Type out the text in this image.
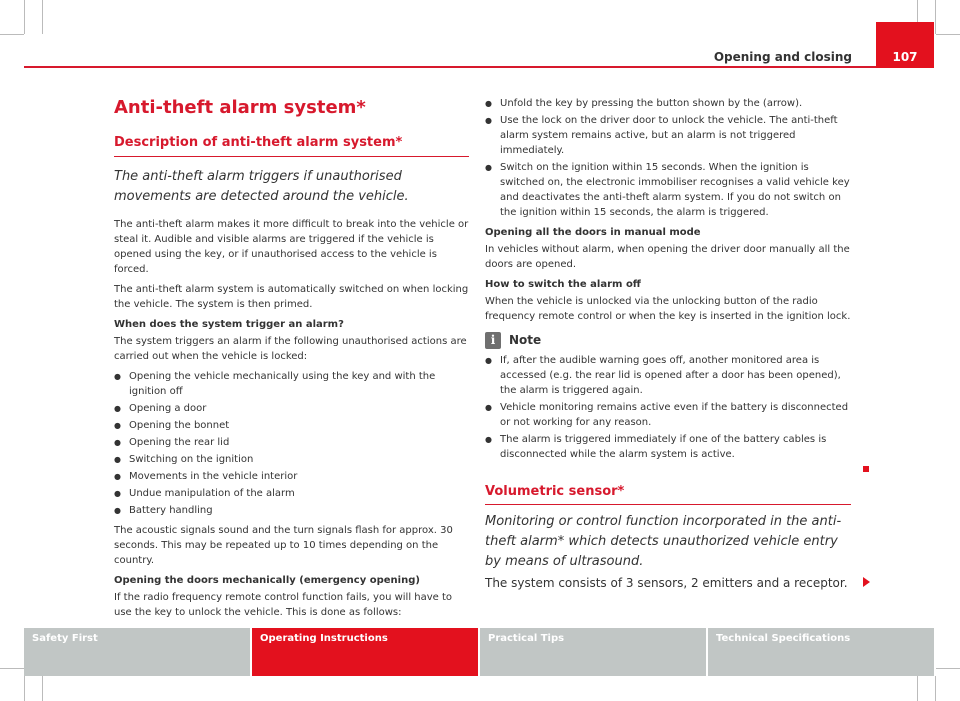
Opening and closing	107
Anti-theft alarm system*
Description of anti-theft alarm system*

The anti-theft alarm triggers if unauthorised movements are detected around the vehicle.

The anti-theft alarm makes it more difficult to break into the vehicle or steal it. Audible and visible alarms are triggered if the vehicle is opened using the key, or if unauthorised access to the vehicle is forced.

The anti-theft alarm system is automatically switched on when locking the vehicle. The system is then primed.

When does the system trigger an alarm?

The system triggers an alarm if the following unauthorised actions are carried out when the vehicle is locked:

● Opening the vehicle mechanically using the key and with the ignition off
● Opening a door
● Opening the bonnet
● Opening the rear lid
● Switching on the ignition
● Movements in the vehicle interior
● Undue manipulation of the alarm
● Battery handling

The acoustic signals sound and the turn signals flash for approx. 30 seconds. This may be repeated up to 10 times depending on the country.

Opening the doors mechanically (emergency opening)

If the radio frequency remote control function fails, you will have to use the key to unlock the vehicle. This is done as follows:

● Unfold the key by pressing the button shown by the (arrow).
● Use the lock on the driver door to unlock the vehicle. The anti-theft alarm system remains active, but an alarm is not triggered immediately.
● Switch on the ignition within 15 seconds. When the ignition is switched on, the electronic immobiliser recognises a valid vehicle key and deactivates the anti-theft alarm system. If you do not switch on the ignition within 15 seconds, the alarm is triggered.

Opening all the doors in manual mode

In vehicles without alarm, when opening the driver door manually all the doors are opened.

How to switch the alarm off

When the vehicle is unlocked via the unlocking button of the radio frequency remote control or when the key is inserted in the ignition lock.

i	Note
● If, after the audible warning goes off, another monitored area is accessed (e.g. the rear lid is opened after a door has been opened), the alarm is triggered again.
● Vehicle monitoring remains active even if the battery is disconnected or not working for any reason.
● The alarm is triggered immediately if one of the battery cables is disconnected while the alarm system is active.
Volumetric sensor*
Monitoring or control function incorporated in the anti-theft alarm* which detects unauthorized vehicle entry by means of ultrasound.
The system consists of 3 sensors, 2 emitters and a receptor.
Safety First	Operating Instructions	Practical Tips	Technical Specifications
